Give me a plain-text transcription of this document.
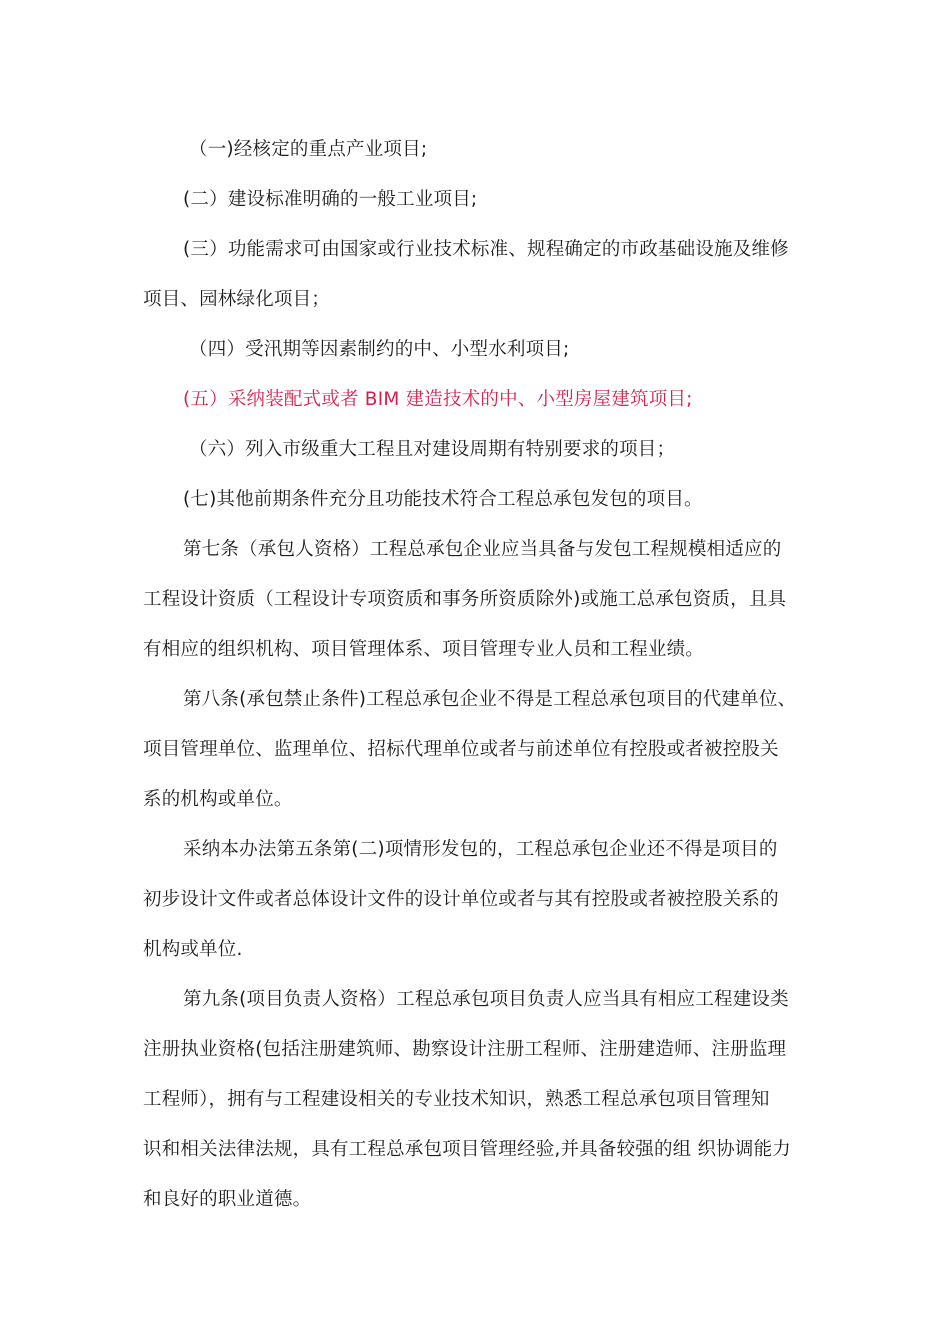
（一)经核定的重点产业项目;
(二）建设标准明确的一般工业项目;
(三）功能需求可由国家或行业技术标准、规程确定的市政基础设施及维修
项目、园林绿化项目；
（四）受汛期等因素制约的中、小型水利项目;
(五）采纳装配式或者 BIM 建造技术的中、小型房屋建筑项目;
（六）列入市级重大工程且对建设周期有特别要求的项目；
(七)其他前期条件充分且功能技术符合工程总承包发包的项目。
第七条（承包人资格）工程总承包企业应当具备与发包工程规模相适应的
工程设计资质（工程设计专项资质和事务所资质除外)或施工总承包资质，且具
有相应的组织机构、项目管理体系、项目管理专业人员和工程业绩。
第八条(承包禁止条件)工程总承包企业不得是工程总承包项目的代建单位、
项目管理单位、监理单位、招标代理单位或者与前述单位有控股或者被控股关
系的机构或单位。
采纳本办法第五条第(二)项情形发包的，工程总承包企业还不得是项目的
初步设计文件或者总体设计文件的设计单位或者与其有控股或者被控股关系的
机构或单位.
第九条(项目负责人资格）工程总承包项目负责人应当具有相应工程建设类
注册执业资格(包括注册建筑师、勘察设计注册工程师、注册建造师、注册监理
工程师），拥有与工程建设相关的专业技术知识，熟悉工程总承包项目管理知
识和相关法律法规，具有工程总承包项目管理经验,并具备较强的组 织协调能力
和良好的职业道德。
